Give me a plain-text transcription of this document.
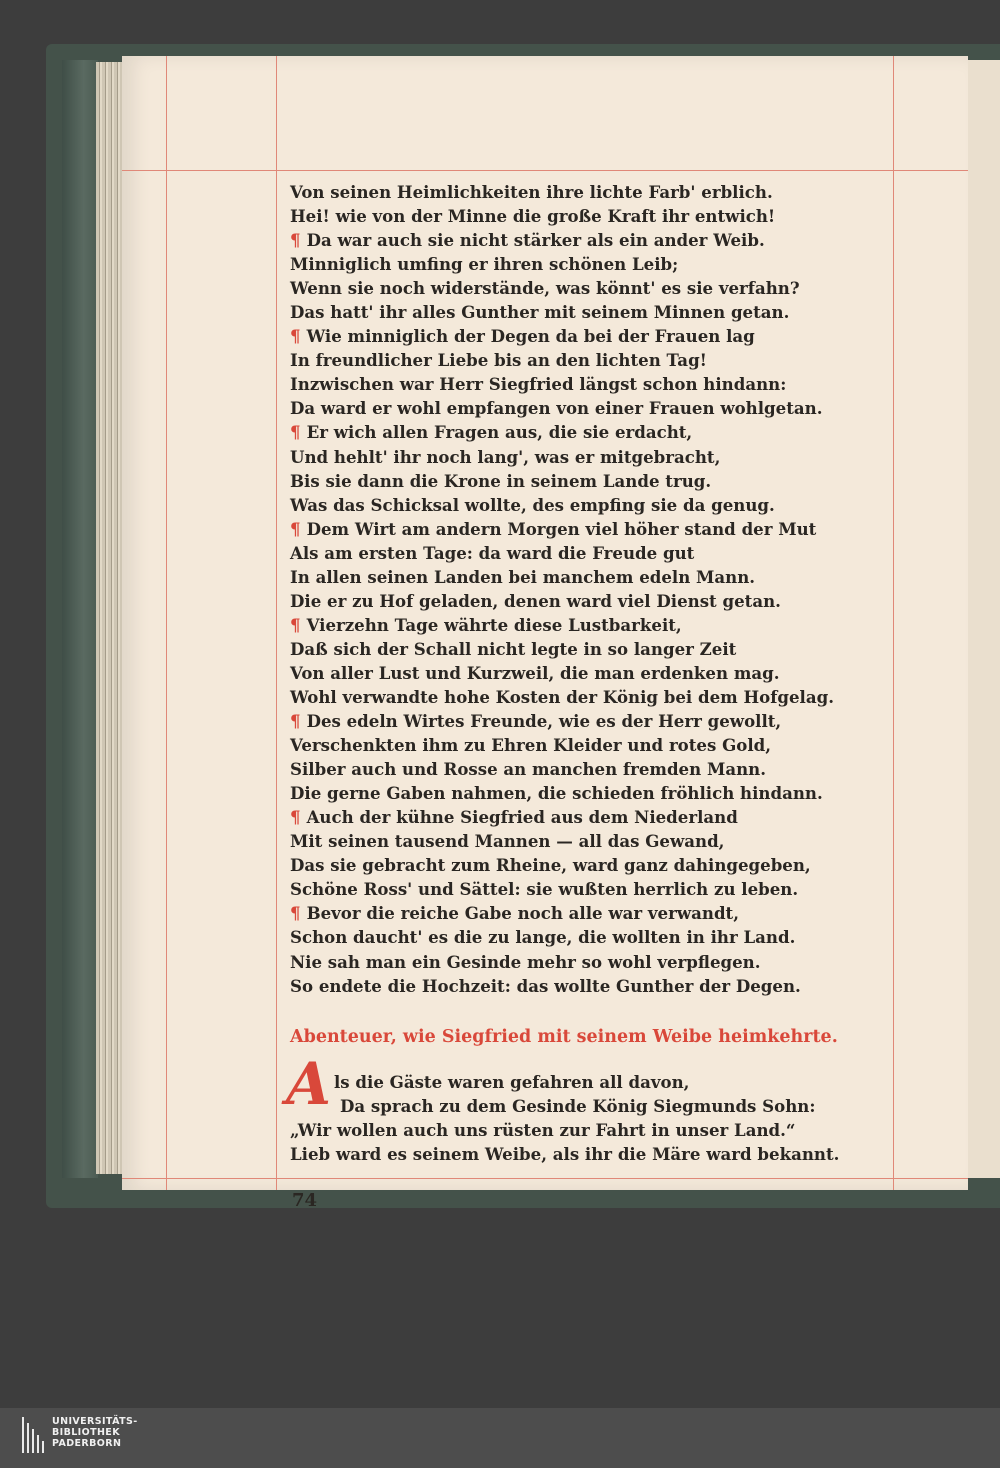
Von seinen Heimlichkeiten ihre lichte Farb' erblich.
Hei! wie von der Minne die große Kraft ihr entwich!
¶ Da war auch sie nicht stärker als ein ander Weib.
Minniglich umfing er ihren schönen Leib;
Wenn sie noch widerstände, was könnt' es sie verfahn?
Das hatt' ihr alles Gunther mit seinem Minnen getan.
¶ Wie minniglich der Degen da bei der Frauen lag
In freundlicher Liebe bis an den lichten Tag!
Inzwischen war Herr Siegfried längst schon hindann:
Da ward er wohl empfangen von einer Frauen wohlgetan.
¶ Er wich allen Fragen aus, die sie erdacht,
Und hehlt' ihr noch lang', was er mitgebracht,
Bis sie dann die Krone in seinem Lande trug.
Was das Schicksal wollte, des empfing sie da genug.
¶ Dem Wirt am andern Morgen viel höher stand der Mut
Als am ersten Tage: da ward die Freude gut
In allen seinen Landen bei manchem edeln Mann.
Die er zu Hof geladen, denen ward viel Dienst getan.
¶ Vierzehn Tage währte diese Lustbarkeit,
Daß sich der Schall nicht legte in so langer Zeit
Von aller Lust und Kurzweil, die man erdenken mag.
Wohl verwandte hohe Kosten der König bei dem Hofgelag.
¶ Des edeln Wirtes Freunde, wie es der Herr gewollt,
Verschenkten ihm zu Ehren Kleider und rotes Gold,
Silber auch und Rosse an manchen fremden Mann.
Die gerne Gaben nahmen, die schieden fröhlich hindann.
¶ Auch der kühne Siegfried aus dem Niederland
Mit seinen tausend Mannen — all das Gewand,
Das sie gebracht zum Rheine, ward ganz dahingegeben,
Schöne Ross' und Sättel: sie wußten herrlich zu leben.
¶ Bevor die reiche Gabe noch alle war verwandt,
Schon daucht' es die zu lange, die wollten in ihr Land.
Nie sah man ein Gesinde mehr so wohl verpflegen.
So endete die Hochzeit: das wollte Gunther der Degen.
Abenteuer, wie Siegfried mit seinem Weibe heimkehrte.
A ls die Gäste waren gefahren all davon,
Da sprach zu dem Gesinde König Siegmunds Sohn:
„Wir wollen auch uns rüsten zur Fahrt in unser Land.“
Lieb ward es seinem Weibe, als ihr die Märe ward bekannt.
74
UNIVERSITÄTS-
BIBLIOTHEK
PADERBORN
